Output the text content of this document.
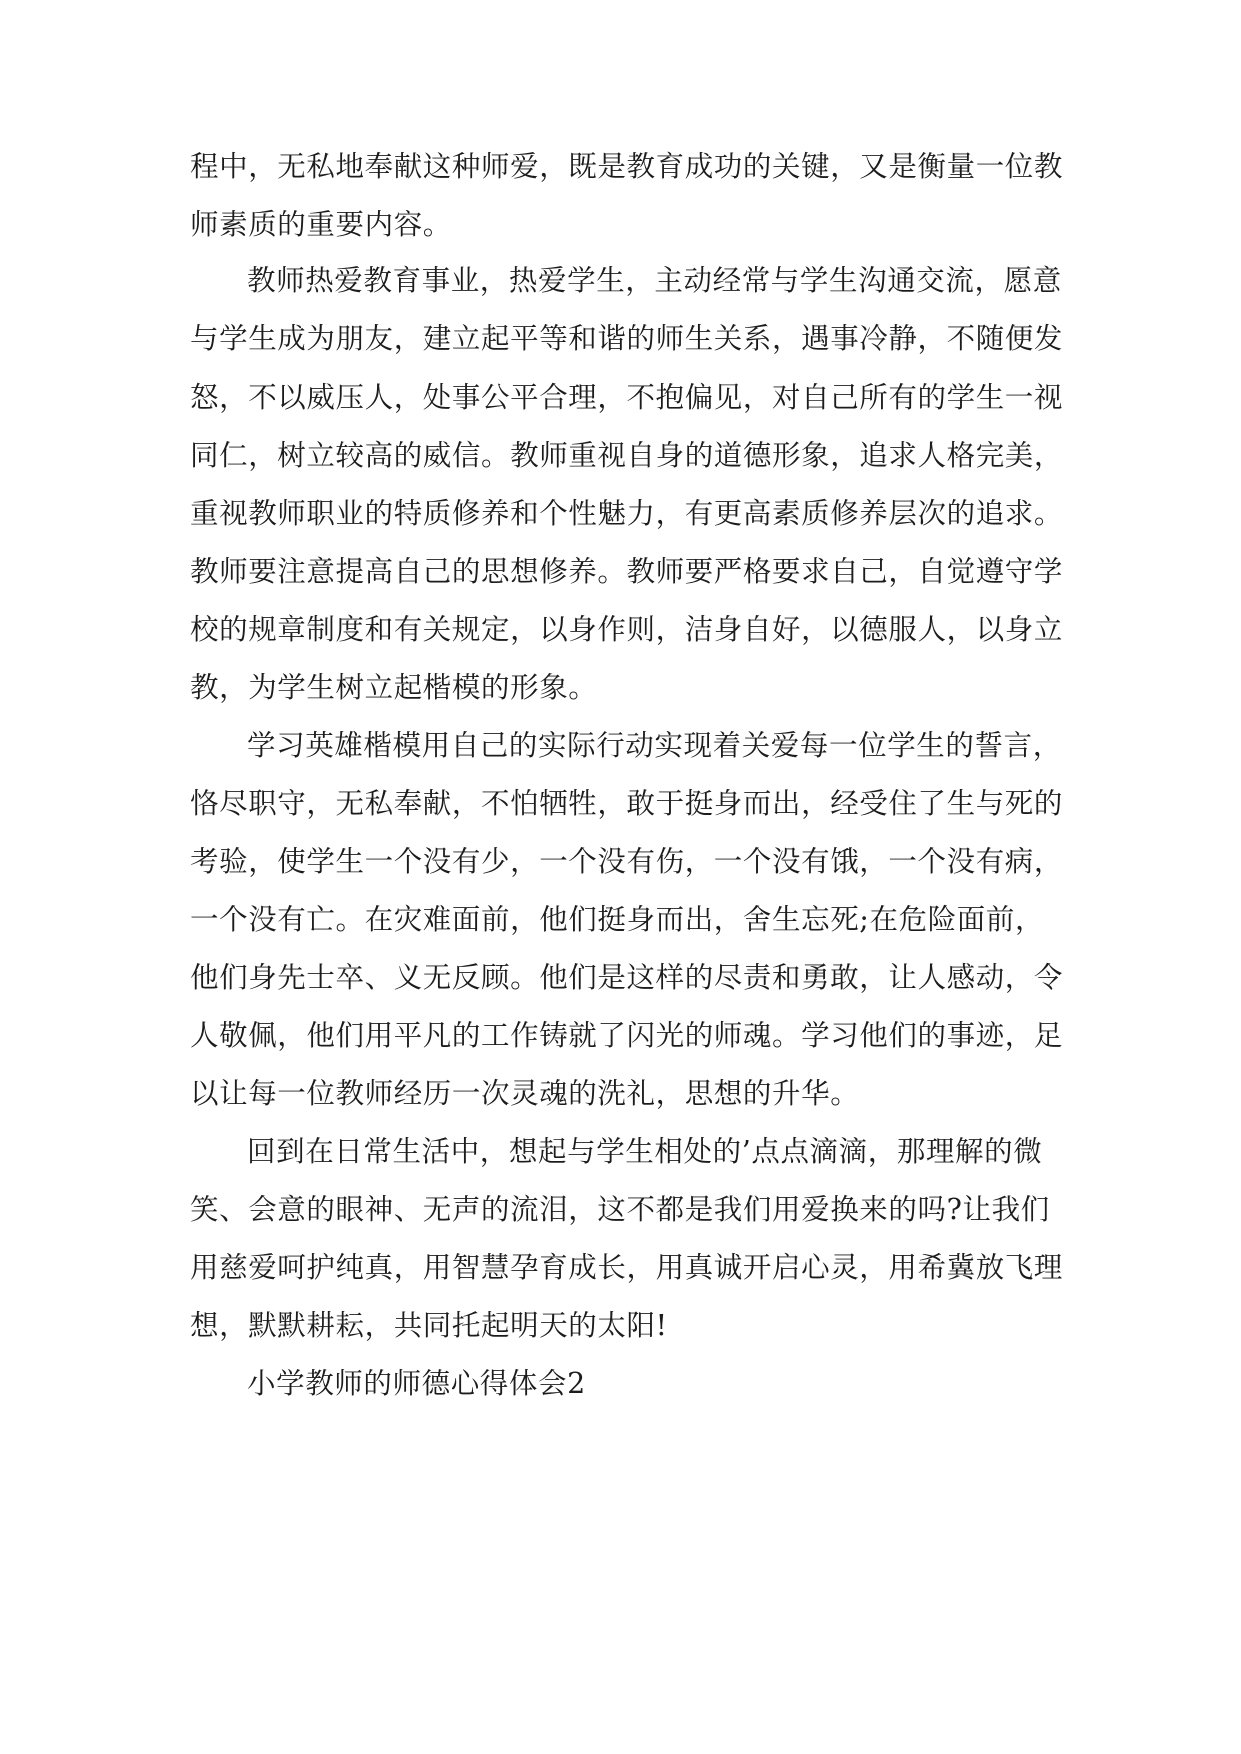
程中，无私地奉献这种师爱，既是教育成功的关键，又是衡量一位教
师素质的重要内容。
教师热爱教育事业，热爱学生，主动经常与学生沟通交流，愿意
与学生成为朋友，建立起平等和谐的师生关系，遇事冷静，不随便发
怒，不以威压人，处事公平合理，不抱偏见，对自己所有的学生一视
同仁，树立较高的威信。教师重视自身的道德形象，追求人格完美，
重视教师职业的特质修养和个性魅力，有更高素质修养层次的追求。
教师要注意提高自己的思想修养。教师要严格要求自己，自觉遵守学
校的规章制度和有关规定，以身作则，洁身自好，以德服人，以身立
教，为学生树立起楷模的形象。
学习英雄楷模用自己的实际行动实现着关爱每一位学生的誓言，
恪尽职守，无私奉献，不怕牺牲，敢于挺身而出，经受住了生与死的
考验，使学生一个没有少，一个没有伤，一个没有饿，一个没有病，
一个没有亡。在灾难面前，他们挺身而出，舍生忘死;在危险面前，
他们身先士卒、义无反顾。他们是这样的尽责和勇敢，让人感动，令
人敬佩，他们用平凡的工作铸就了闪光的师魂。学习他们的事迹，足
以让每一位教师经历一次灵魂的洗礼，思想的升华。
回到在日常生活中，想起与学生相处的’点点滴滴，那理解的微
笑、会意的眼神、无声的流泪，这不都是我们用爱换来的吗?让我们
用慈爱呵护纯真，用智慧孕育成长，用真诚开启心灵，用希冀放飞理
想，默默耕耘，共同托起明天的太阳!
小学教师的师德心得体会2
